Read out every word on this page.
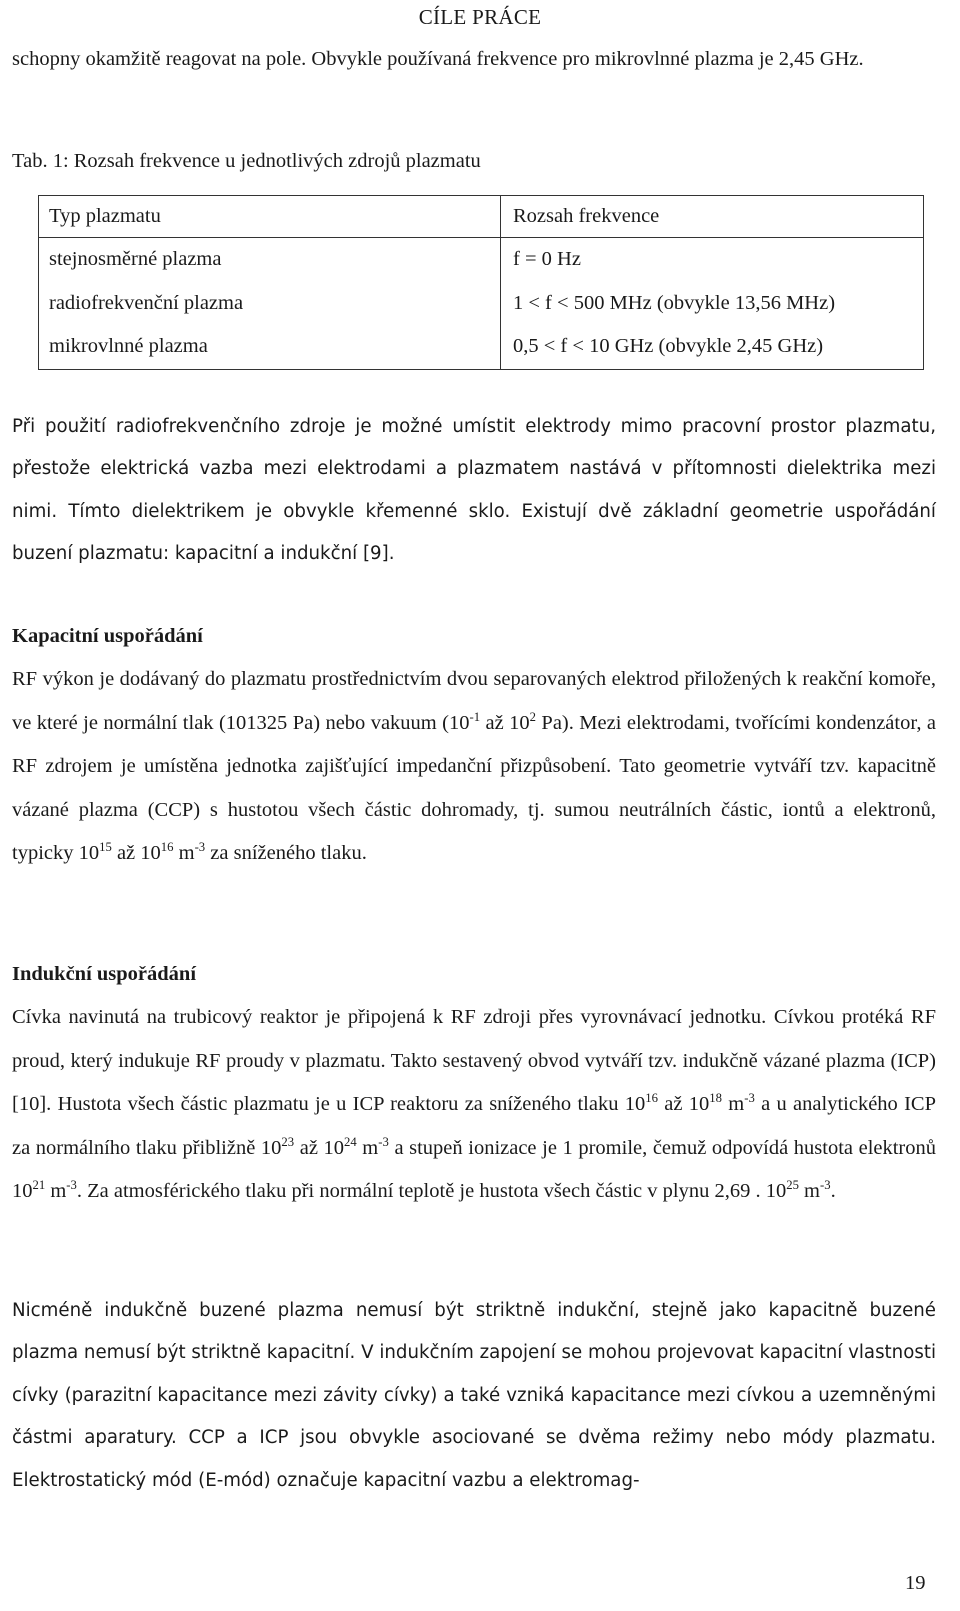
CÍLE PRÁCE

schopny okamžitě reagovat na pole. Obvykle používaná frekvence pro mikrovlnné plazma je 2,45 GHz.

Tab. 1: Rozsah frekvence u jednotlivých zdrojů plazmatu
Typ plazmatu	Rozsah frekvence
stejnosměrné plazma	f = 0 Hz
radiofrekvenční plazma	1 < f < 500 MHz (obvykle 13,56 MHz)
mikrovlnné plazma	0,5 < f < 10 GHz (obvykle 2,45 GHz)

Při použití radiofrekvenčního zdroje je možné umístit elektrody mimo pracovní prostor plazmatu, přestože elektrická vazba mezi elektrodami a plazmatem nastává v přítomnosti dielektrika mezi nimi. Tímto dielektrikem je obvykle křemenné sklo. Existují dvě základní geometrie uspořádání buzení plazmatu: kapacitní a indukční [9].

Kapacitní uspořádání

RF výkon je dodávaný do plazmatu prostřednictvím dvou separovaných elektrod přiložených k reakční komoře, ve které je normální tlak (101325 Pa) nebo vakuum ($10^{-1}$ až $10^2$ Pa). Mezi elektrodami, tvořícími kondenzátor, a RF zdrojem je umístěna jednotka zajišťující impedanční přizpůsobení. Tato geometrie vytváří tzv. kapacitně vázané plazma (CCP) s hustotou všech částic dohromady, tj. sumou neutrálních částic, iontů a elektronů, typicky $10^{15}$ až $10^{16}$ $m^{-3}$ za sníženého tlaku.

Indukční uspořádání

Cívka navinutá na trubicový reaktor je připojená k RF zdroji přes vyrovnávací jednotku. Cívkou protéká RF proud, který indukuje RF proudy v plazmatu. Takto sestavený obvod vytváří tzv. indukčně vázané plazma (ICP) [10]. Hustota všech částic plazmatu je u ICP reaktoru za sníženého tlaku $10^{16}$ až $10^{18}$ $m^{-3}$ a u analytického ICP za normálního tlaku přibližně $10^{23}$ až $10^{24}$ $m^{-3}$ a stupeň ionizace je 1 promile, čemuž odpovídá hustota elektronů $10^{21}$ $m^{-3}$. Za atmosférického tlaku při normální teplotě je hustota všech částic v plynu 2,69 . $10^{25}$ $m^{-3}$.

Nicméně indukčně buzené plazma nemusí být striktně indukční, stejně jako kapacitně buzené plazma nemusí být striktně kapacitní. V indukčním zapojení se mohou projevovat kapacitní vlastnosti cívky (parazitní kapacitance mezi závity cívky) a také vzniká kapacitance mezi cívkou a uzemněnými částmi aparatury. CCP a ICP jsou obvykle asociované se dvěma režimy nebo módy plazmatu. Elektrostatický mód (E-mód) označuje kapacitní vazbu a elektromag-

19
